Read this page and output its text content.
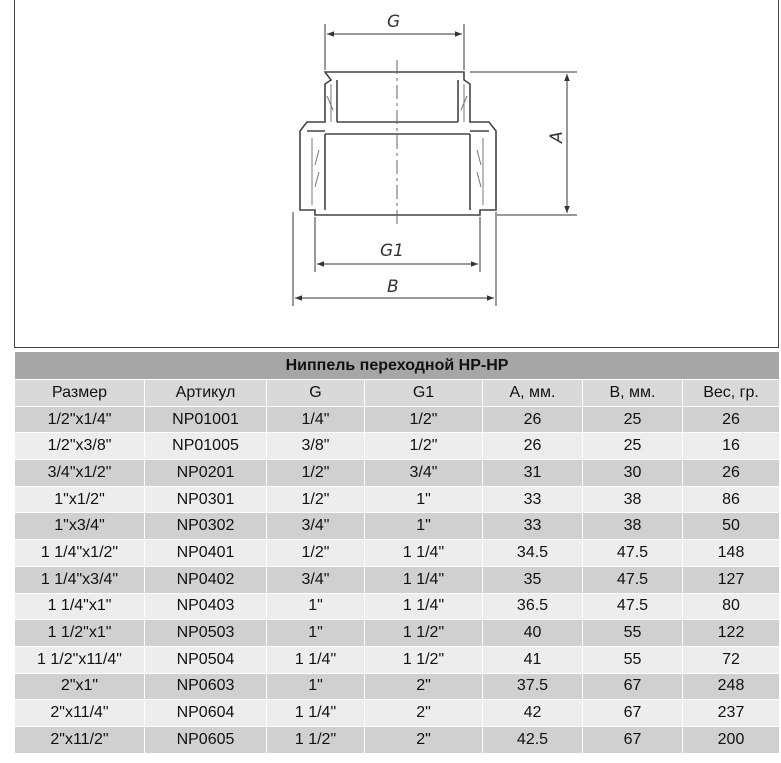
G
A
G1
B
Ниппель переходной НР-НР						
Размер	Артикул	G	G1	A, мм.	B, мм.	Вес, гр.
1/2"x1/4"	NP01001	1/4"	1/2"	26	25	26
1/2"x3/8"	NP01005	3/8"	1/2"	26	25	16
3/4"x1/2"	NP0201	1/2"	3/4"	31	30	26
1"x1/2"	NP0301	1/2"	1"	33	38	86
1"x3/4"	NP0302	3/4"	1"	33	38	50
1 1/4"x1/2"	NP0401	1/2"	1 1/4"	34.5	47.5	148
1 1/4"x3/4"	NP0402	3/4"	1 1/4"	35	47.5	127
1 1/4"x1"	NP0403	1"	1 1/4"	36.5	47.5	80
1 1/2"x1"	NP0503	1"	1 1/2"	40	55	122
1 1/2"x11/4"	NP0504	1 1/4"	1 1/2"	41	55	72
2"x1"	NP0603	1"	2"	37.5	67	248
2"x11/4"	NP0604	1 1/4"	2"	42	67	237
2"x11/2"	NP0605	1 1/2"	2"	42.5	67	200
